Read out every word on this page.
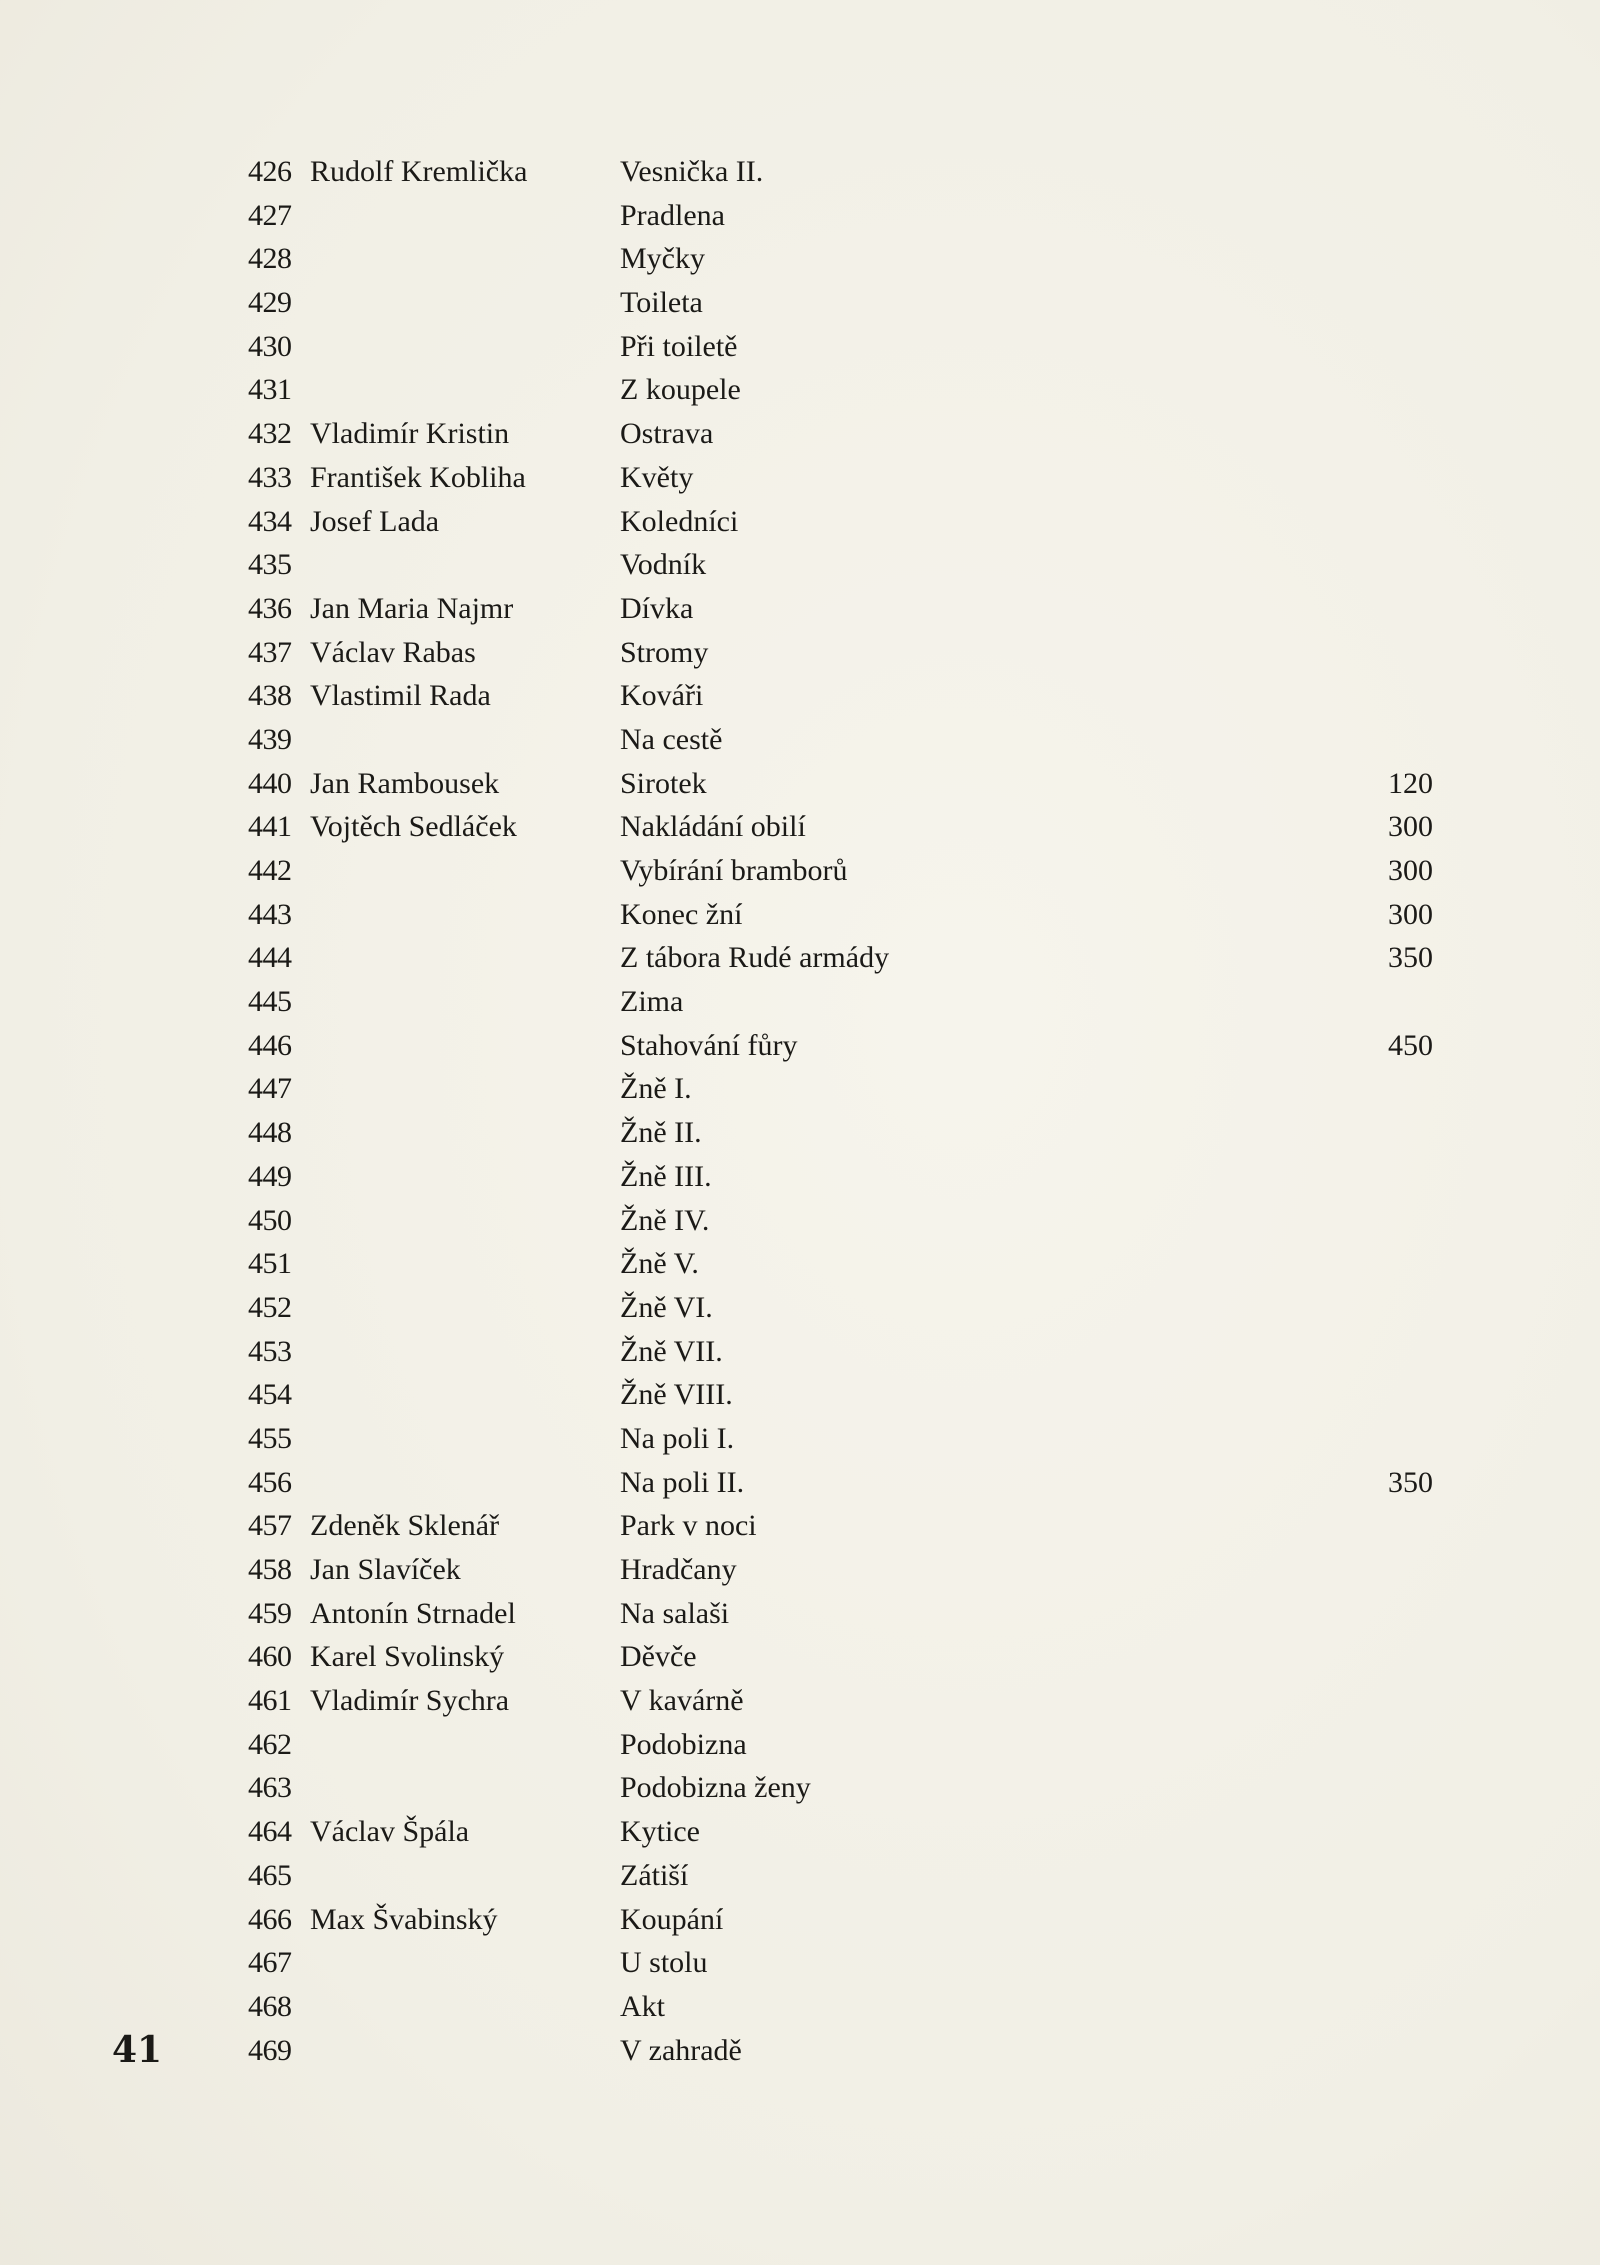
426 Rudolf Kremlička	Vesnička II.
427	Pradlena
428	Myčky
429	Toileta
430	Při toiletě
431	Z koupele
432 Vladimír Kristin	Ostrava
433 František Kobliha	Květy
434 Josef Lada	Koledníci
435	Vodník
436 Jan Maria Najmr	Dívka
437 Václav Rabas	Stromy
438 Vlastimil Rada	Kováři
439	Na cestě
440 Jan Rambousek	Sirotek	120
441 Vojtěch Sedláček	Nakládání obilí	300
442	Vybírání bramborů	300
443	Konec žní	300
444	Z tábora Rudé armády	350
445	Zima
446	Stahování fůry	450
447	Žně I.
448	Žně II.
449	Žně III.
450	Žně IV.
451	Žně V.
452	Žně VI.
453	Žně VII.
454	Žně VIII.
455	Na poli I.
456	Na poli II.	350
457 Zdeněk Sklenář	Park v noci
458 Jan Slavíček	Hradčany
459 Antonín Strnadel	Na salaši
460 Karel Svolinský	Děvče
461 Vladimír Sychra	V kavárně
462	Podobizna
463	Podobizna ženy
464 Václav Špála	Kytice
465	Zátiší
466 Max Švabinský	Koupání
467	U stolu
468	Akt
469	V zahradě
41
